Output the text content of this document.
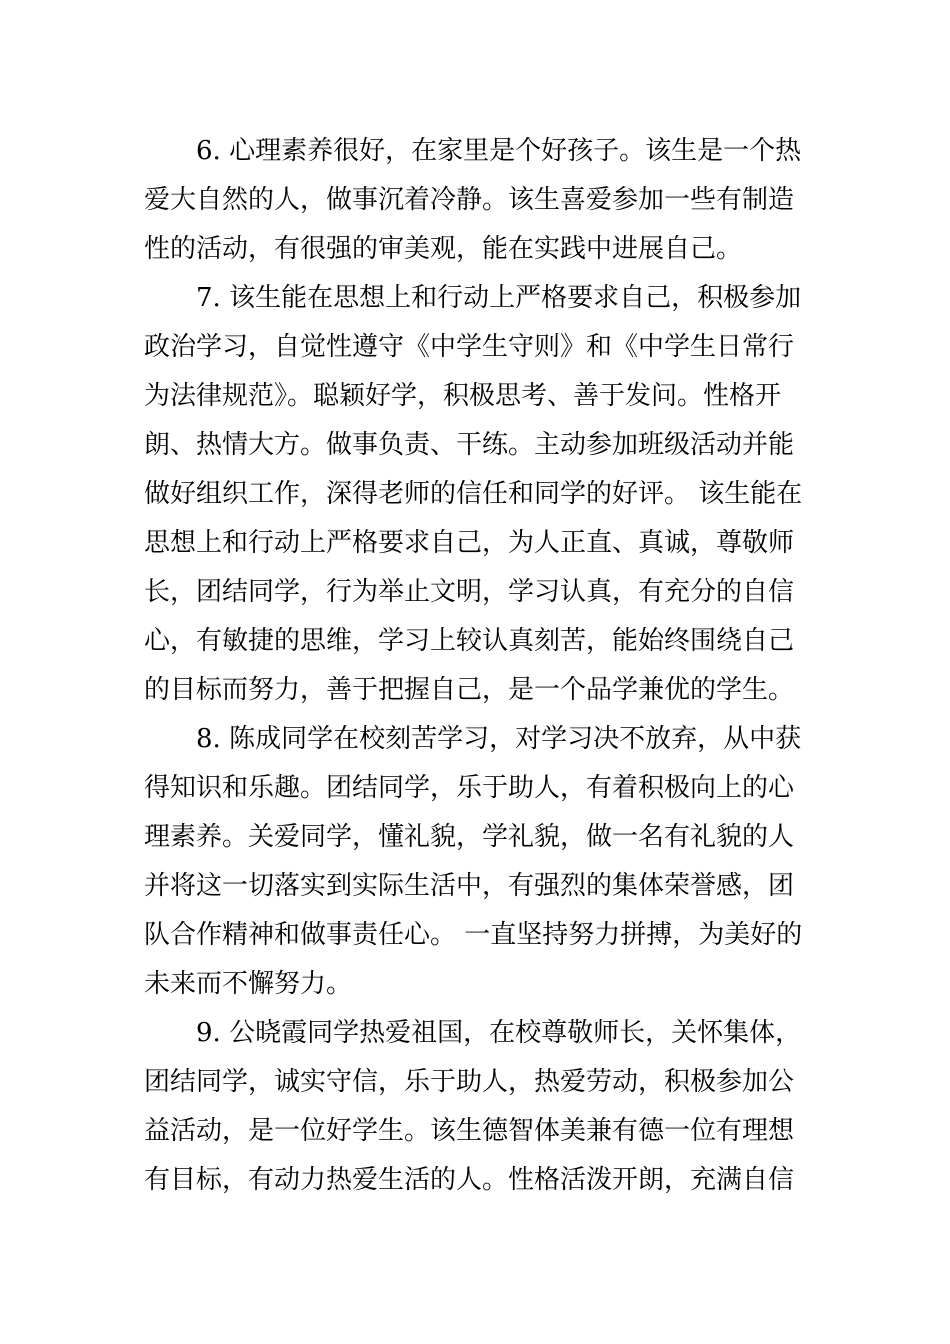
6. 心理素养很好，在家里是个好孩子。该生是一个热
爱大自然的人，做事沉着冷静。该生喜爱参加一些有制造
性的活动，有很强的审美观，能在实践中进展自己。
7. 该生能在思想上和行动上严格要求自己，积极参加
政治学习，自觉性遵守《中学生守则》和《中学生日常行
为法律规范》。聪颖好学，积极思考、善于发问。性格开
朗、热情大方。做事负责、干练。主动参加班级活动并能
做好组织工作，深得老师的信任和同学的好评。 该生能在
思想上和行动上严格要求自己，为人正直、真诚，尊敬师
长，团结同学，行为举止文明，学习认真，有充分的自信
心，有敏捷的思维，学习上较认真刻苦，能始终围绕自己
的目标而努力，善于把握自己，是一个品学兼优的学生。
8. 陈成同学在校刻苦学习，对学习决不放弃，从中获
得知识和乐趣。团结同学，乐于助人，有着积极向上的心
理素养。关爱同学，懂礼貌，学礼貌，做一名有礼貌的人
并将这一切落实到实际生活中，有强烈的集体荣誉感，团
队合作精神和做事责任心。 一直坚持努力拼搏，为美好的
未来而不懈努力。
9. 公晓霞同学热爱祖国，在校尊敬师长，关怀集体，
团结同学，诚实守信，乐于助人，热爱劳动，积极参加公
益活动，是一位好学生。该生德智体美兼有德一位有理想
有目标，有动力热爱生活的人。性格活泼开朗，充满自信
